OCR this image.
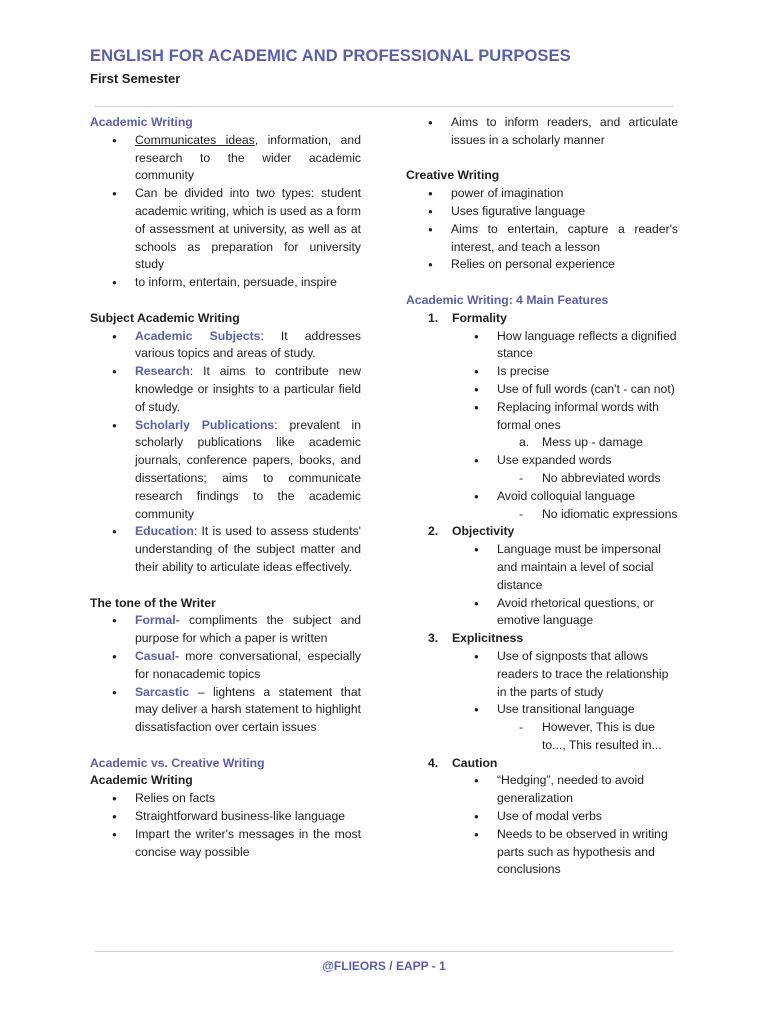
ENGLISH FOR ACADEMIC AND PROFESSIONAL PURPOSES
First Semester
Academic Writing
● Communicates ideas, information, and research to the wider academic community
● Can be divided into two types: student academic writing, which is used as a form of assessment at university, as well as at schools as preparation for university study
● to inform, entertain, persuade, inspire
Subject Academic Writing
● Academic Subjects: It addresses various topics and areas of study.
● Research: It aims to contribute new knowledge or insights to a particular field of study.
● Scholarly Publications: prevalent in scholarly publications like academic journals, conference papers, books, and dissertations; aims to communicate research findings to the academic community
● Education: It is used to assess students' understanding of the subject matter and their ability to articulate ideas effectively.
The tone of the Writer
● Formal- compliments the subject and purpose for which a paper is written
● Casual- more conversational, especially for nonacademic topics
● Sarcastic – lightens a statement that may deliver a harsh statement to highlight dissatisfaction over certain issues
Academic vs. Creative Writing
Academic Writing
● Relies on facts
● Straightforward business-like language
● Impart the writer's messages in the most concise way possible
● Aims to inform readers, and articulate issues in a scholarly manner
Creative Writing
● power of imagination
● Uses figurative language
● Aims to entertain, capture a reader's interest, and teach a lesson
● Relies on personal experience
Academic Writing: 4 Main Features
1. Formality
● How language reflects a dignified stance
● Is precise
● Use of full words (can't - can not)
● Replacing informal words with formal ones
a. Mess up - damage
● Use expanded words
- No abbreviated words
● Avoid colloquial language
- No idiomatic expressions
2. Objectivity
● Language must be impersonal and maintain a level of social distance
● Avoid rhetorical questions, or emotive language
3. Explicitness
● Use of signposts that allows readers to trace the relationship in the parts of study
● Use transitional language
- However, This is due to..., This resulted in...
4. Caution
● “Hedging”, needed to avoid generalization
● Use of modal verbs
● Needs to be observed in writing parts such as hypothesis and conclusions
@FLIEORS / EAPP - 1
